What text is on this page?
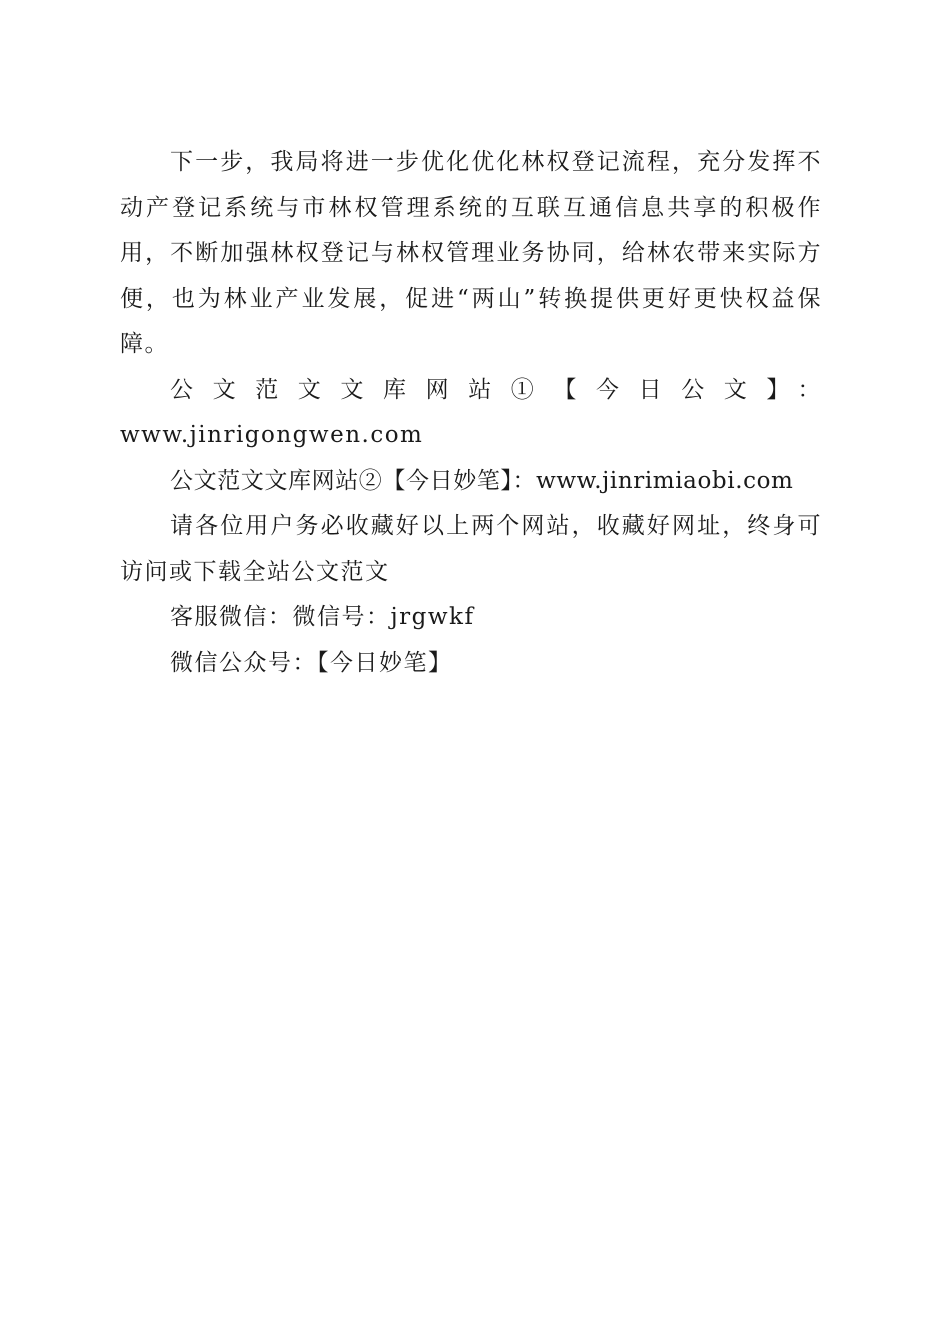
下一步，我局将进一步优化优化林权登记流程，充分发挥不动产登记系统与市林权管理系统的互联互通信息共享的积极作用，不断加强林权登记与林权管理业务协同，给林农带来实际方便，也为林业产业发展，促进“两山”转换提供更好更快权益保障。

公文范文文库网站①【今日公文】：

www.jinrigongwen.com

公文范文文库网站②【今日妙笔】：www.jinrimiaobi.com

请各位用户务必收藏好以上两个网站，收藏好网址，终身可访问或下载全站公文范文

客服微信：微信号：jrgwkf

微信公众号：【今日妙笔】
